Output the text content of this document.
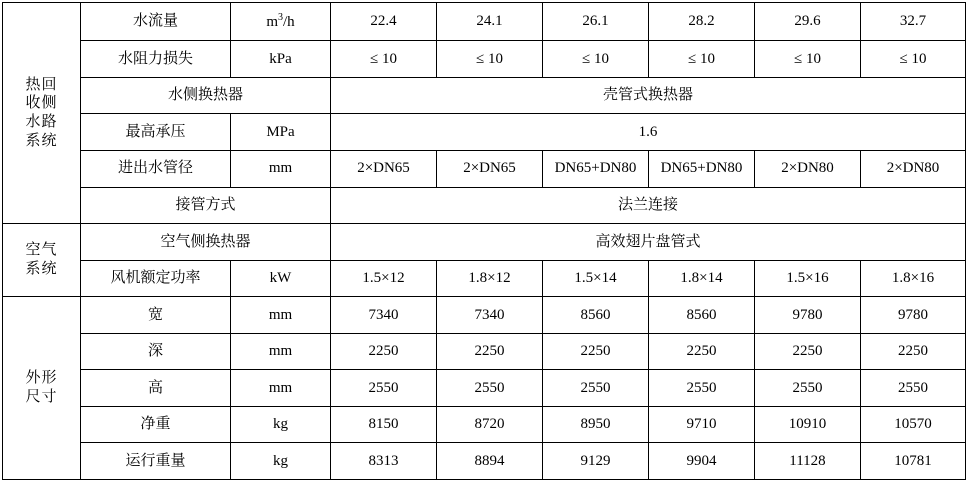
热回
收侧
水路
系统	水流量	$m^3/h$	22.4	24.1	26.1	28.2	29.6	32.7
	水阻力损失	kPa	≤ 10	≤ 10	≤ 10	≤ 10	≤ 10	≤ 10
	水侧换热器		壳管式换热器					
	最高承压	MPa	1.6					
	进出水管径	mm	2×DN65	2×DN65	DN65+DN80	DN65+DN80	2×DN80	2×DN80
	接管方式		法兰连接					

空气
系统	空气侧换热器		高效翅片盘管式					
	风机额定功率	kW	1.5×12	1.8×12	1.5×14	1.8×14	1.5×16	1.8×16

外形
尺寸	宽	mm	7340	7340	8560	8560	9780	9780
	深	mm	2250	2250	2250	2250	2250	2250
	高	mm	2550	2550	2550	2550	2550	2550
	净重	kg	8150	8720	8950	9710	10910	10570
	运行重量	kg	8313	8894	9129	9904	11128	10781
